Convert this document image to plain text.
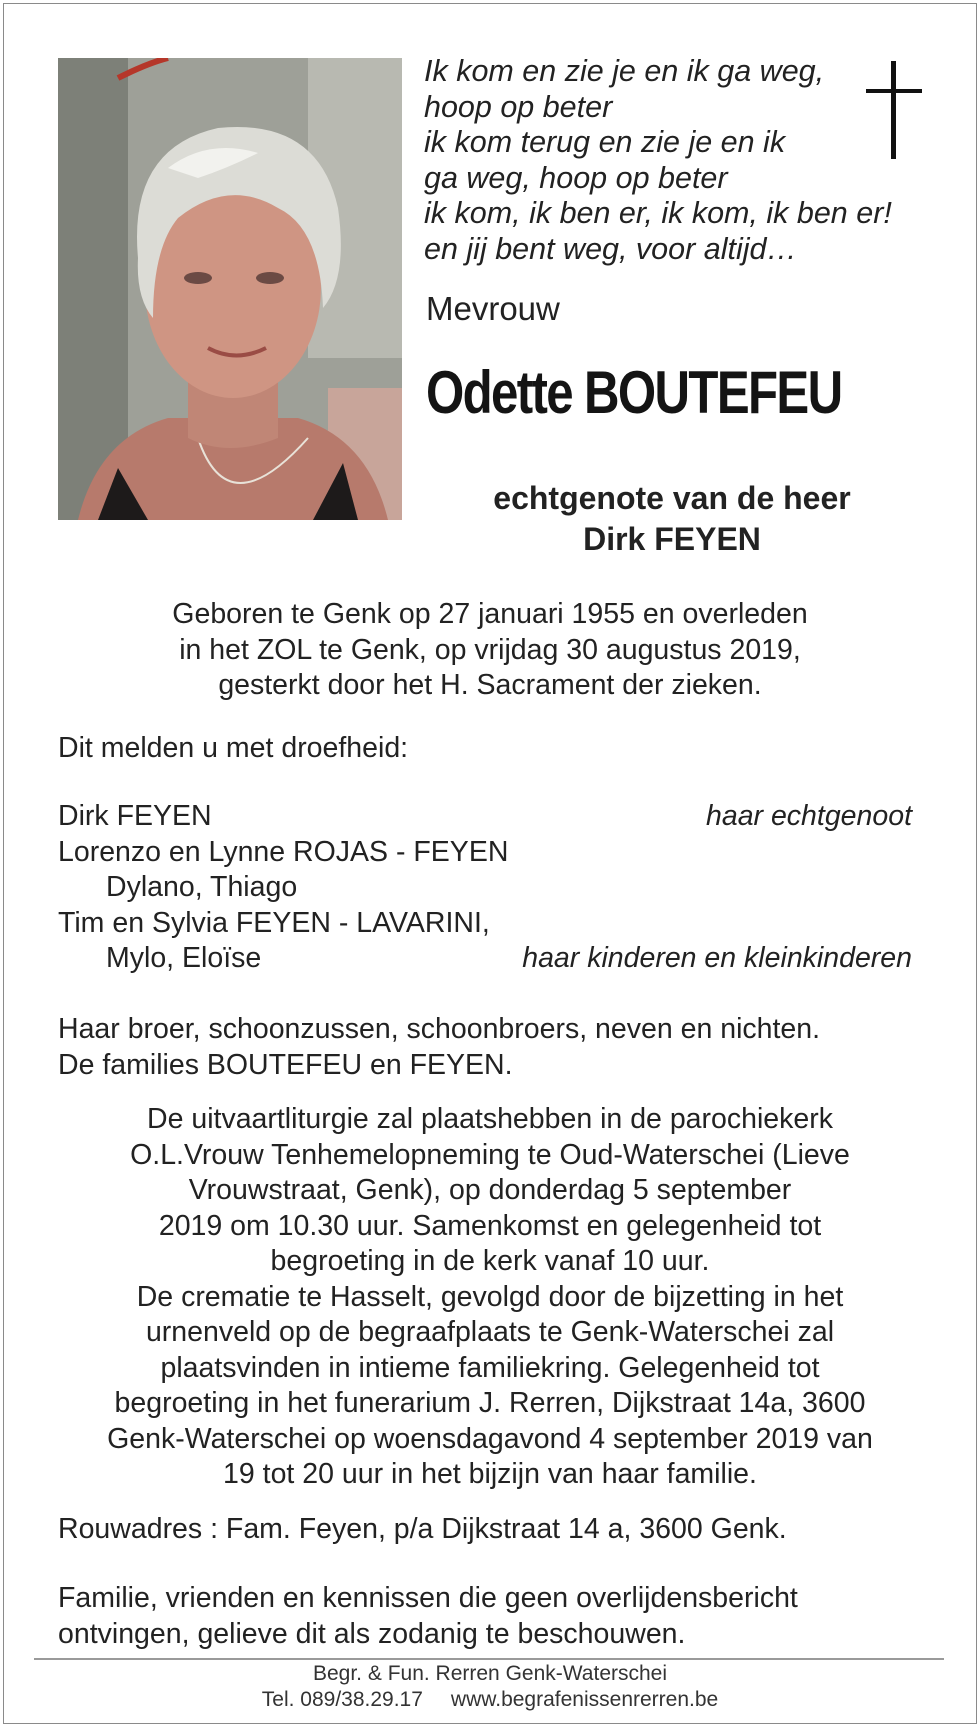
Ik kom en zie je en ik ga weg,
hoop op beter
ik kom terug en zie je en ik
ga weg, hoop op beter
ik kom, ik ben er, ik kom, ik ben er!
en jij bent weg, voor altijd…
Mevrouw
Odette BOUTEFEU
echtgenote van de heer
Dirk FEYEN
Geboren te Genk op 27 januari 1955 en overleden
in het ZOL te Genk, op vrijdag 30 augustus 2019,
gesterkt door het H. Sacrament der zieken.
Dit melden u met droefheid:
Dirk FEYEN	haar echtgenoot
Lorenzo en Lynne ROJAS - FEYEN
Dylano, Thiago
Tim en Sylvia FEYEN - LAVARINI,
Mylo, Eloïse	haar kinderen en kleinkinderen
Haar broer, schoonzussen, schoonbroers, neven en nichten.
De families BOUTEFEU en FEYEN.
De uitvaartliturgie zal plaatshebben in de parochiekerk
O.L.Vrouw Tenhemelopneming te Oud-Waterschei (Lieve
Vrouwstraat, Genk), op donderdag 5 september
2019 om 10.30 uur. Samenkomst en gelegenheid tot
begroeting in de kerk vanaf 10 uur.
De crematie te Hasselt, gevolgd door de bijzetting in het
urnenveld op de begraafplaats te Genk-Waterschei zal
plaatsvinden in intieme familiekring. Gelegenheid tot
begroeting in het funerarium J. Rerren, Dijkstraat 14a, 3600
Genk-Waterschei op woensdagavond 4 september 2019 van
19 tot 20 uur in het bijzijn van haar familie.
Rouwadres : Fam. Feyen, p/a Dijkstraat 14 a, 3600 Genk.
Familie, vrienden en kennissen die geen overlijdensbericht
ontvingen, gelieve dit als zodanig te beschouwen.
Begr. & Fun. Rerren Genk-Waterschei
Tel. 089/38.29.17 www.begrafenissenrerren.be
